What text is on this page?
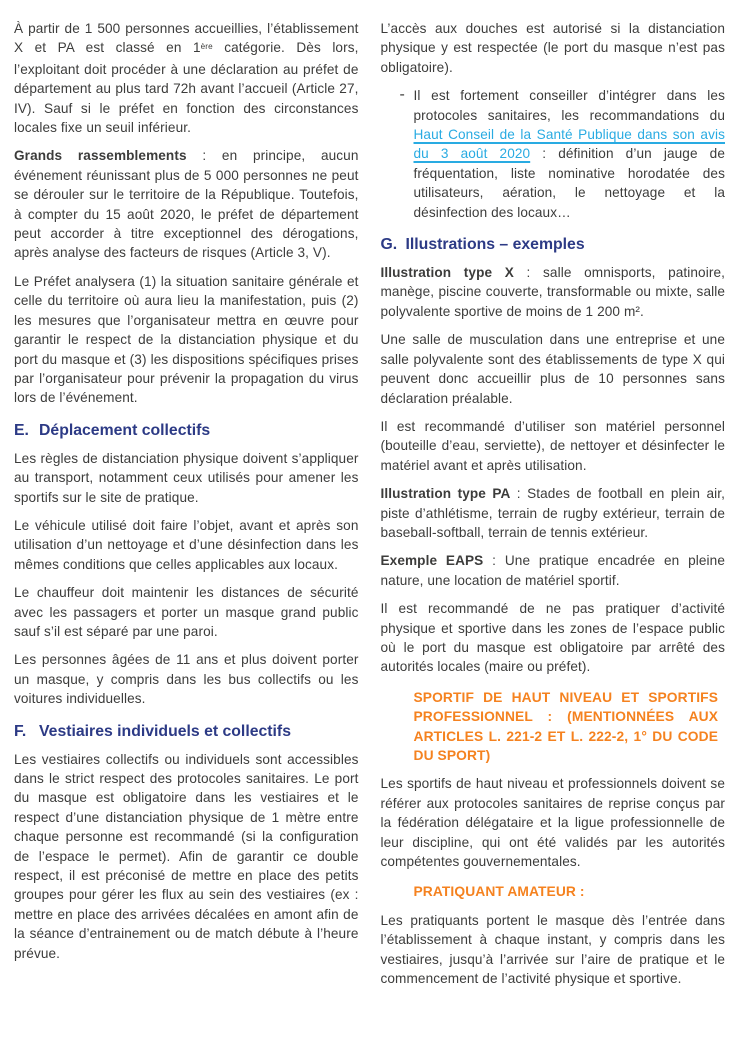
À partir de 1 500 personnes accueillies, l’établissement X et PA est classé en 1ère catégorie. Dès lors, l’exploitant doit procéder à une déclaration au préfet de département au plus tard 72h avant l’accueil (Article 27, IV). Sauf si le préfet en fonction des circonstances locales fixe un seuil inférieur.

Grands rassemblements : en principe, aucun événement réunissant plus de 5 000 personnes ne peut se dérouler sur le territoire de la République. Toutefois, à compter du 15 août 2020, le préfet de département peut accorder à titre exceptionnel des dérogations, après analyse des facteurs de risques (Article 3, V).

Le Préfet analysera (1) la situation sanitaire générale et celle du territoire où aura lieu la manifestation, puis (2) les mesures que l’organisateur mettra en œuvre pour garantir le respect de la distanciation physique et du port du masque et (3) les dispositions spécifiques prises par l’organisateur pour prévenir la propagation du virus lors de l’événement.

E. Déplacement collectifs

Les règles de distanciation physique doivent s’appliquer au transport, notamment ceux utilisés pour amener les sportifs sur le site de pratique.

Le véhicule utilisé doit faire l’objet, avant et après son utilisation d’un nettoyage et d’une désinfection dans les mêmes conditions que celles applicables aux locaux.

Le chauffeur doit maintenir les distances de sécurité avec les passagers et porter un masque grand public sauf s’il est séparé par une paroi.

Les personnes âgées de 11 ans et plus doivent porter un masque, y compris dans les bus collectifs ou les voitures individuelles.

F. Vestiaires individuels et collectifs

Les vestiaires collectifs ou individuels sont accessibles dans le strict respect des protocoles sanitaires. Le port du masque est obligatoire dans les vestiaires et le respect d’une distanciation physique de 1 mètre entre chaque personne est recommandé (si la configuration de l’espace le permet). Afin de garantir ce double respect, il est préconisé de mettre en place des petits groupes pour gérer les flux au sein des vestiaires (ex : mettre en place des arrivées décalées en amont afin de la séance d’entrainement ou de match débute à l’heure prévue.

L’accès aux douches est autorisé si la distanciation physique y est respectée (le port du masque n’est pas obligatoire).

- Il est fortement conseiller d’intégrer dans les protocoles sanitaires, les recommandations du Haut Conseil de la Santé Publique dans son avis du 3 août 2020 : définition d’un jauge de fréquentation, liste nominative horodatée des utilisateurs, aération, le nettoyage et la désinfection des locaux…

G. Illustrations – exemples

Illustration type X : salle omnisports, patinoire, manège, piscine couverte, transformable ou mixte, salle polyvalente sportive de moins de 1 200 m².

Une salle de musculation dans une entreprise et une salle polyvalente sont des établissements de type X qui peuvent donc accueillir plus de 10 personnes sans déclaration préalable.

Il est recommandé d’utiliser son matériel personnel (bouteille d’eau, serviette), de nettoyer et désinfecter le matériel avant et après utilisation.

Illustration type PA : Stades de football en plein air, piste d’athlétisme, terrain de rugby extérieur, terrain de baseball-softball, terrain de tennis extérieur.

Exemple EAPS : Une pratique encadrée en pleine nature, une location de matériel sportif.

Il est recommandé de ne pas pratiquer d’activité physique et sportive dans les zones de l’espace public où le port du masque est obligatoire par arrêté des autorités locales (maire ou préfet).

SPORTIF DE HAUT NIVEAU ET SPORTIFS PROFESSIONNEL : (MENTIONNÉES AUX ARTICLES L. 221-2 ET L. 222-2, 1° DU CODE DU SPORT)

Les sportifs de haut niveau et professionnels doivent se référer aux protocoles sanitaires de reprise conçus par la fédération délégataire et la ligue professionnelle de leur discipline, qui ont été validés par les autorités compétentes gouvernementales.

PRATIQUANT AMATEUR :

Les pratiquants portent le masque dès l’entrée dans l’établissement à chaque instant, y compris dans les vestiaires, jusqu’à l’arrivée sur l’aire de pratique et le commencement de l’activité physique et sportive.
